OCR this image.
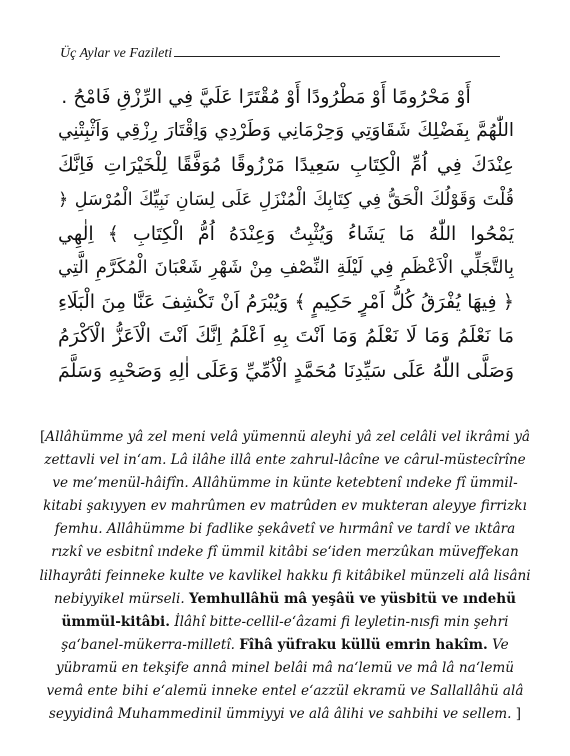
Üç Aylar ve Fazileti
أَوْ مَحْرُومًا أَوْ مَطْرُودًا أَوْ مُقْتَرًا عَلَيَّ فِي الرِّزْقِ فَامْحُ .
اللّٰهُمَّ بِفَضْلِكَ شَقَاوَتِي وَحِرْمَانِي وَطَرْدِي وَاِقْتَارَ رِزْقِي وَاَثْبِتْنِي
عِنْدَكَ فِي اُمِّ الْكِتَابِ سَعِيدًا مَرْزُوقًا مُوَفَّقًا لِلْخَيْرَاتِ فَاِنَّكَ
قُلْتَ وَقَوْلُكَ الْحَقُّ فِي كِتَابِكَ الْمُنْزَلِ عَلَى لِسَانِ نَبِيِّكَ الْمُرْسَلِ ﴿
يَمْحُوا اللّٰهُ مَا يَشَاءُ وَيُثْبِتُ وَعِنْدَهُ اُمُّ الْكِتَابِ ﴾ اِلٰهِي
بِالتَّجَلِّي الْاَعْظَمِ فِي لَيْلَةِ النِّصْفِ مِنْ شَهْرِ شَعْبَانَ الْمُكَرَّمِ الَّتِي
﴿ فِيهَا يُفْرَقُ كُلُّ اَمْرٍ حَكِيمٍ ﴾ وَيُبْرَمُ اَنْ تَكْشِفَ عَنَّا مِنَ الْبَلَاءِ
مَا نَعْلَمُ وَمَا لَا نَعْلَمُ وَمَا اَنْتَ بِهِ اَعْلَمُ اِنَّكَ اَنْتَ الْاَعَزُّ الْاَكْرَمُ
وَصَلَّى اللّٰهُ عَلَى سَيِّدِنَا مُحَمَّدٍ الْاُمِّيِّ وَعَلَى اٰلِهِ وَصَحْبِهِ وَسَلَّمَ

[Allâhümme yâ zel meni velâ yümennü aleyhi yâ zel celâli vel ikrâmi yâ zettavli vel in‘am. Lâ ilâhe illâ ente zahrul-lâcîne ve cârul-müstecîrîne ve me’menül-hâifîn. Allâhümme in künte ketebtenî ındeke fî ümmil-kitabi şakıyyen ev mahrûmen ev matrûden ev mukteran aleyye firrizkı femhu. Allâhümme bi fadlike şekâvetî ve hırmânî ve tardî ve ıktâra rızkî ve esbitnî ındeke fî ümmil kitâbi se‘iden merzûkan müveffekan lilhayrâti feinneke kulte ve kavlikel hakku fi kitâbikel münzeli alâ lisâni nebiyyikel mürseli. Yemhullâhü mâ yeşâü ve yüsbitü ve ındehü ümmül-kitâbi. İlâhî bitte-cellil-e‘âzami fi leyletin-nısfi min şehri şa‘banel-mükerra-milletî. Fîhâ yüfraku küllü emrin hakîm. Ve yübramü en tekşife annâ minel belâi mâ na‘lemü ve mâ lâ na‘lemü vemâ ente bihi e‘alemü inneke entel e‘azzül ekramü ve Sallallâhü alâ seyyidinâ Muhammedinil ümmiyyi ve alâ âlihi ve sahbihi ve sellem. ]
